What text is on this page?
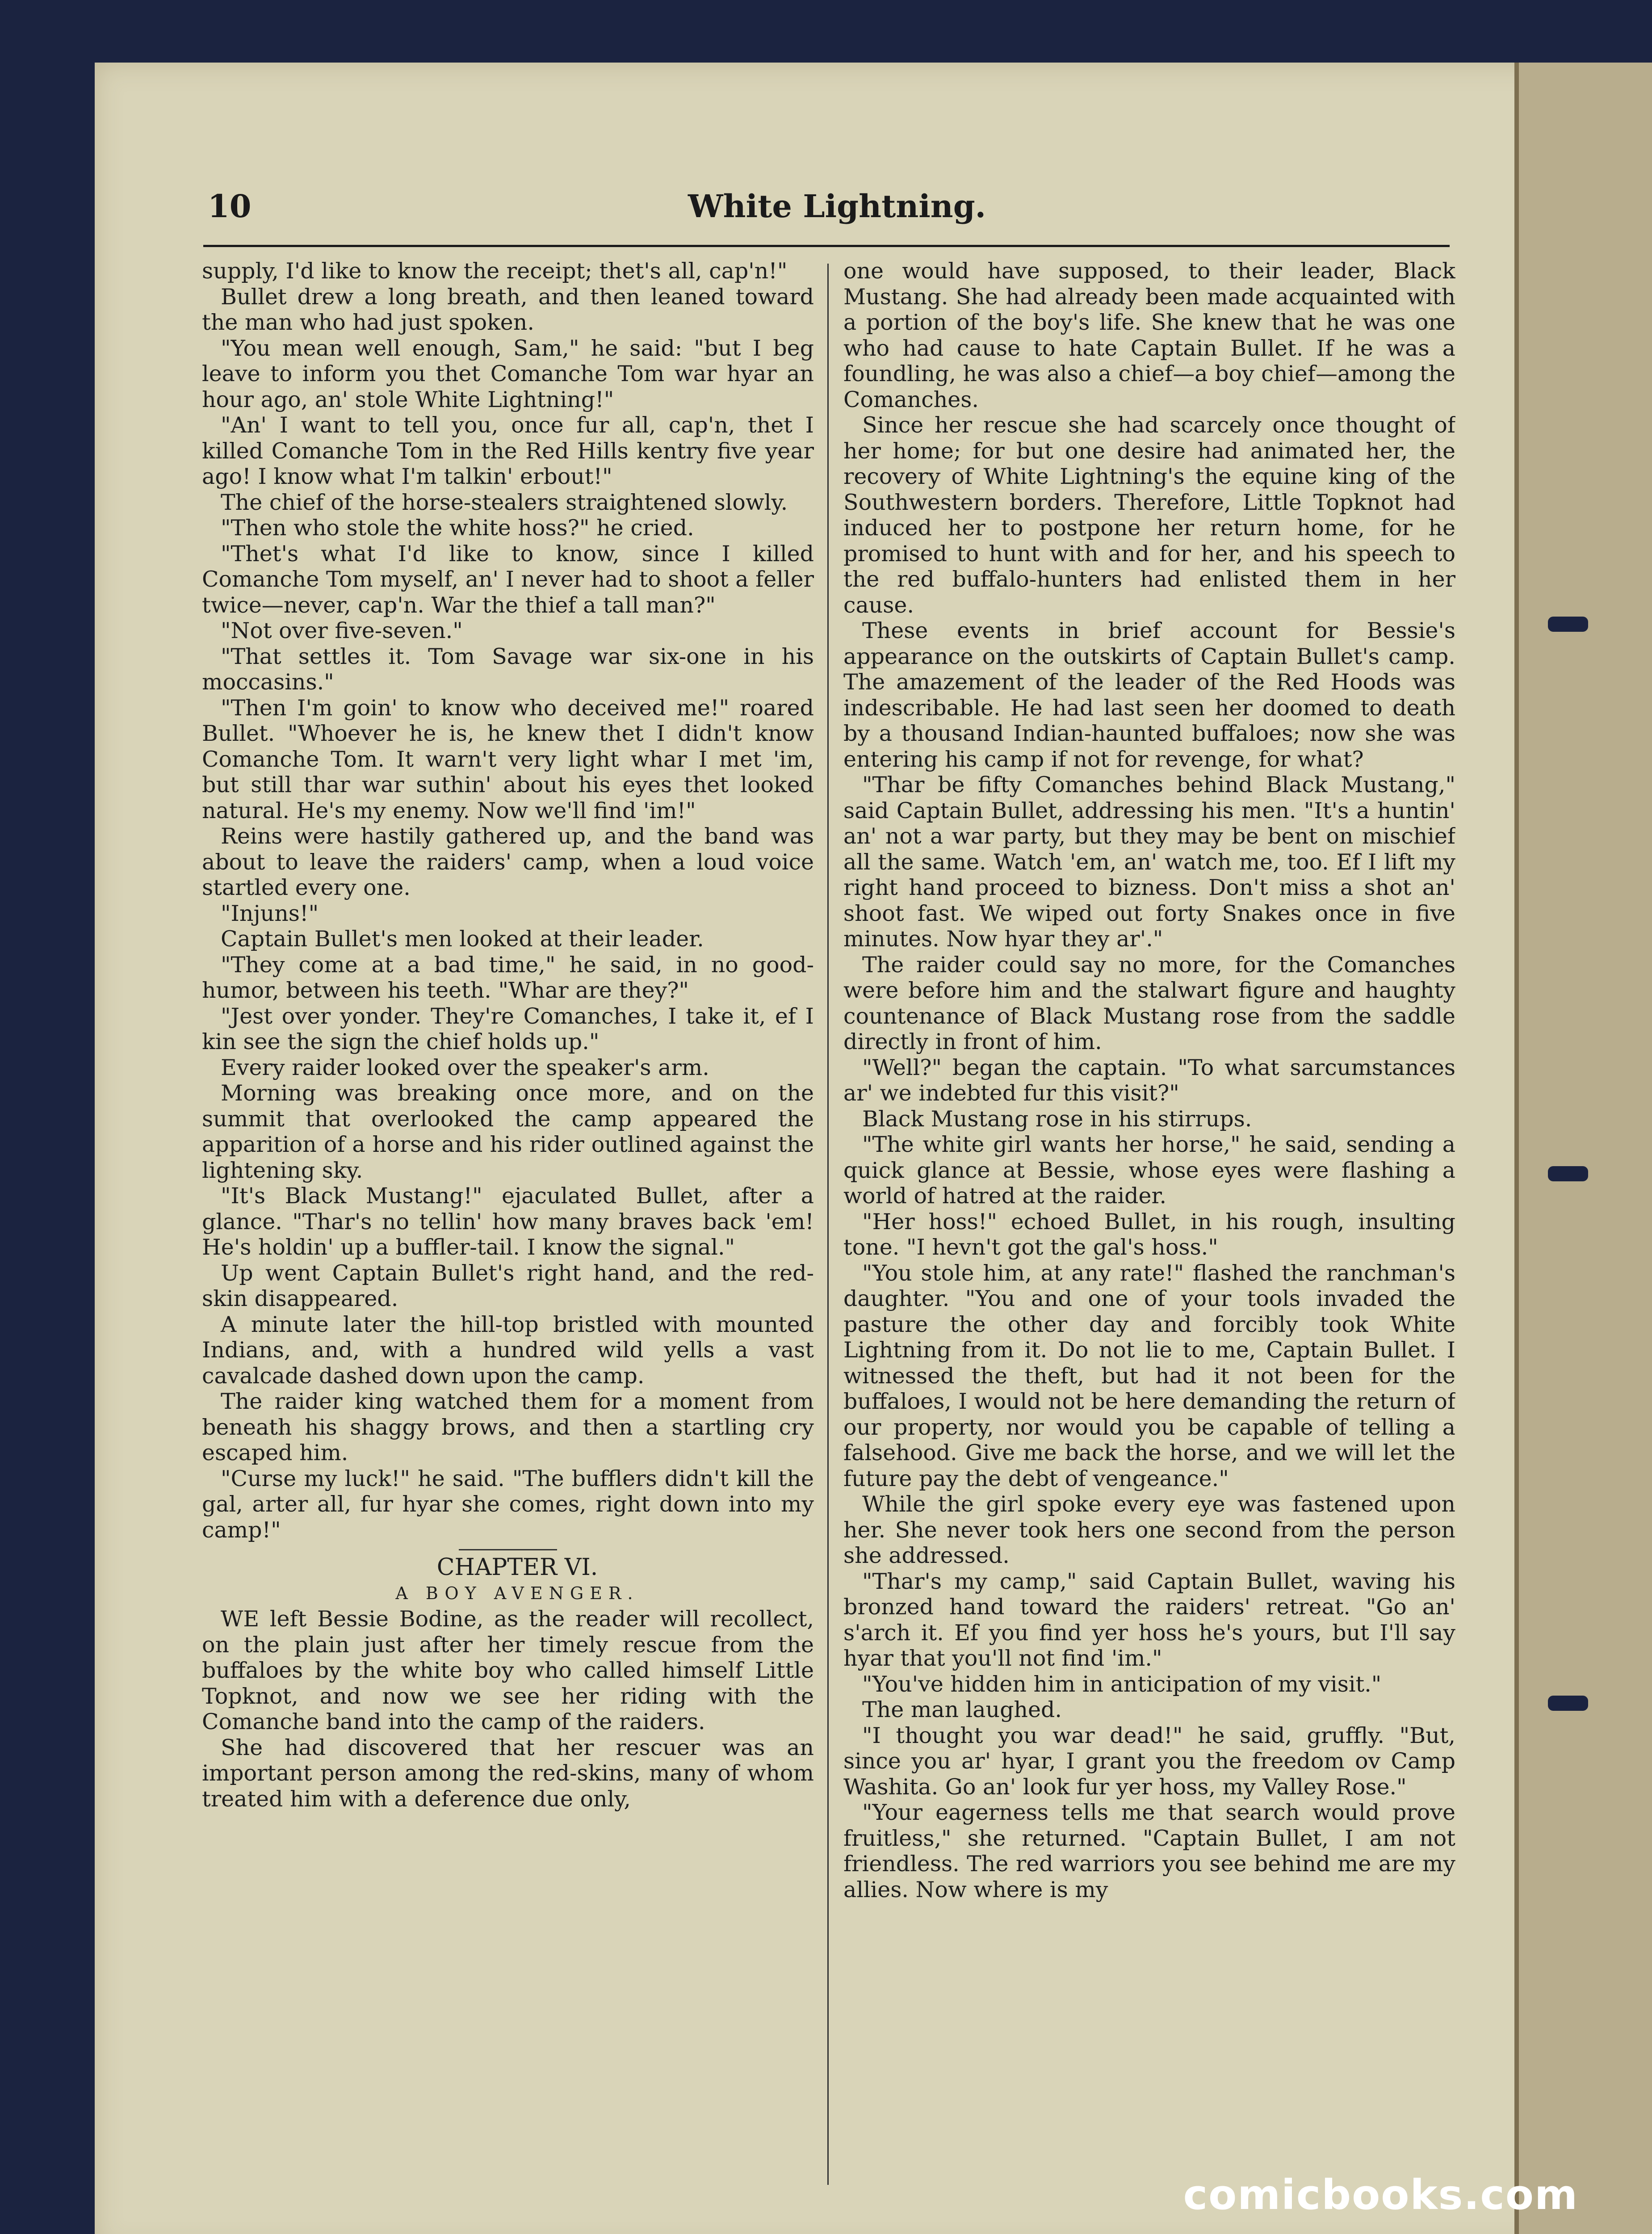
10	White Lightning.

supply, I'd like to know the receipt; thet's all, cap'n!"

Bullet drew a long breath, and then leaned toward the man who had just spoken.

"You mean well enough, Sam," he said: "but I beg leave to inform you thet Comanche Tom war hyar an hour ago, an' stole White Lightning!"

"An' I want to tell you, once fur all, cap'n, thet I killed Comanche Tom in the Red Hills kentry five year ago! I know what I'm talkin' erbout!"

The chief of the horse-stealers straightened slowly.

"Then who stole the white hoss?" he cried.

"Thet's what I'd like to know, since I killed Comanche Tom myself, an' I never had to shoot a feller twice—never, cap'n. War the thief a tall man?"

"Not over five-seven."

"That settles it. Tom Savage war six-one in his moccasins."

"Then I'm goin' to know who deceived me!" roared Bullet. "Whoever he is, he knew thet I didn't know Comanche Tom. It warn't very light whar I met 'im, but still thar war suthin' about his eyes thet looked natural. He's my enemy. Now we'll find 'im!"

Reins were hastily gathered up, and the band was about to leave the raiders' camp, when a loud voice startled every one.

"Injuns!"

Captain Bullet's men looked at their leader.

"They come at a bad time," he said, in no good-humor, between his teeth. "Whar are they?"

"Jest over yonder. They're Comanches, I take it, ef I kin see the sign the chief holds up."

Every raider looked over the speaker's arm.

Morning was breaking once more, and on the summit that overlooked the camp appeared the apparition of a horse and his rider outlined against the lightening sky.

"It's Black Mustang!" ejaculated Bullet, after a glance. "Thar's no tellin' how many braves back 'em! He's holdin' up a buffler-tail. I know the signal."

Up went Captain Bullet's right hand, and the red-skin disappeared.

A minute later the hill-top bristled with mounted Indians, and, with a hundred wild yells a vast cavalcade dashed down upon the camp.

The raider king watched them for a moment from beneath his shaggy brows, and then a startling cry escaped him.

"Curse my luck!" he said. "The bufflers didn't kill the gal, arter all, fur hyar she comes, right down into my camp!"

CHAPTER VI.

A BOY AVENGER.

WE left Bessie Bodine, as the reader will recollect, on the plain just after her timely rescue from the buffaloes by the white boy who called himself Little Topknot, and now we see her riding with the Comanche band into the camp of the raiders.

She had discovered that her rescuer was an important person among the red-skins, many of whom treated him with a deference due only,

one would have supposed, to their leader, Black Mustang. She had already been made acquainted with a portion of the boy's life. She knew that he was one who had cause to hate Captain Bullet. If he was a foundling, he was also a chief—a boy chief—among the Comanches.

Since her rescue she had scarcely once thought of her home; for but one desire had animated her, the recovery of White Lightning's the equine king of the Southwestern borders. Therefore, Little Topknot had induced her to postpone her return home, for he promised to hunt with and for her, and his speech to the red buffalo-hunters had enlisted them in her cause.

These events in brief account for Bessie's appearance on the outskirts of Captain Bullet's camp. The amazement of the leader of the Red Hoods was indescribable. He had last seen her doomed to death by a thousand Indian-haunted buffaloes; now she was entering his camp if not for revenge, for what?

"Thar be fifty Comanches behind Black Mustang," said Captain Bullet, addressing his men. "It's a huntin' an' not a war party, but they may be bent on mischief all the same. Watch 'em, an' watch me, too. Ef I lift my right hand proceed to bizness. Don't miss a shot an' shoot fast. We wiped out forty Snakes once in five minutes. Now hyar they ar'."

The raider could say no more, for the Comanches were before him and the stalwart figure and haughty countenance of Black Mustang rose from the saddle directly in front of him.

"Well?" began the captain. "To what sarcumstances ar' we indebted fur this visit?"

Black Mustang rose in his stirrups.

"The white girl wants her horse," he said, sending a quick glance at Bessie, whose eyes were flashing a world of hatred at the raider.

"Her hoss!" echoed Bullet, in his rough, insulting tone. "I hevn't got the gal's hoss."

"You stole him, at any rate!" flashed the ranchman's daughter. "You and one of your tools invaded the pasture the other day and forcibly took White Lightning from it. Do not lie to me, Captain Bullet. I witnessed the theft, but had it not been for the buffaloes, I would not be here demanding the return of our property, nor would you be capable of telling a falsehood. Give me back the horse, and we will let the future pay the debt of vengeance."

While the girl spoke every eye was fastened upon her. She never took hers one second from the person she addressed.

"Thar's my camp," said Captain Bullet, waving his bronzed hand toward the raiders' retreat. "Go an' s'arch it. Ef you find yer hoss he's yours, but I'll say hyar that you'll not find 'im."

"You've hidden him in anticipation of my visit."

The man laughed.

"I thought you war dead!" he said, gruffly. "But, since you ar' hyar, I grant you the freedom ov Camp Washita. Go an' look fur yer hoss, my Valley Rose."

"Your eagerness tells me that search would prove fruitless," she returned. "Captain Bullet, I am not friendless. The red warriors you see behind me are my allies. Now where is my

comicbooks.com
